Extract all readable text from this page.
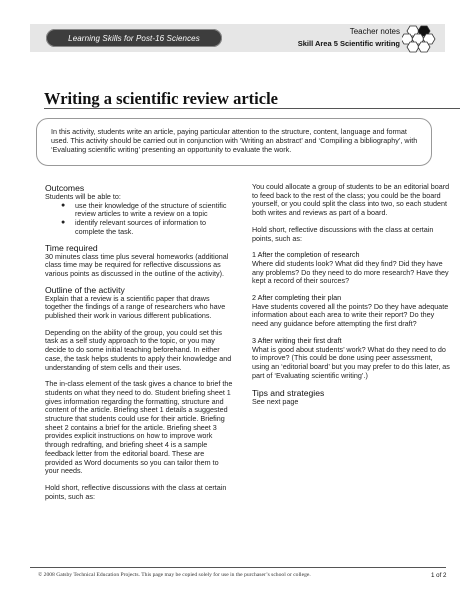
Learning Skills for Post-16 Sciences
Teacher notes
Skill Area 5 Scientific writing
Writing a scientific review article
In this activity, students write an article, paying particular attention to the structure, content, language and format used. This activity should be carried out in conjunction with ‘Writing an abstract’ and ‘Compiling a bibliography’, with ‘Evaluating scientific writing’ presenting an opportunity to evaluate the work.
Outcomes

Students will be able to:

● use their knowledge of the structure of scientific review articles to write a review on a topic
● identify relevant sources of information to complete the task.
Time required

30 minutes class time plus several homeworks (additional class time may be required for reflective discussions as various points as discussed in the outline of the activity).

Outline of the activity

Explain that a review is a scientific paper that draws together the findings of a range of researchers who have published their work in various different publications.

Depending on the ability of the group, you could set this task as a self study approach to the topic, or you may decide to do some initial teaching beforehand. In either case, the task helps students to apply their knowledge and understanding of stem cells and their uses.

The in-class element of the task gives a chance to brief the students on what they need to do. Student briefing sheet 1 gives information regarding the formatting, structure and content of the article. Briefing sheet 1 details a suggested structure that students could use for their article. Briefing sheet 2 contains a brief for the article. Briefing sheet 3 provides explicit instructions on how to improve work through redrafting, and briefing sheet 4 is a sample feedback letter from the editorial board. These are provided as Word documents so you can tailor them to your needs.

Hold short, reflective discussions with the class at certain points, such as:

You could allocate a group of students to be an editorial board to feed back to the rest of the class; you could be the board yourself, or you could split the class into two, so each student both writes and reviews as part of a board.

Hold short, reflective discussions with the class at certain points, such as:

1 After the completion of research

Where did students look? What did they find? Did they have any problems? Do they need to do more research? Have they kept a record of their sources?

2 After completing their plan

Have students covered all the points? Do they have adequate information about each area to write their report? Do they need any guidance before attempting the first draft?

3 After writing their first draft

What is good about students’ work? What do they need to do to improve? (This could be done using peer assessment, using an ‘editorial board’ but you may prefer to do this later, as part of ‘Evaluating scientific writing’.)

Tips and strategies

See next page

© 2008 Gatsby Technical Education Projects. This page may be copied solely for use in the purchaser’s school or college.	1 of 2
